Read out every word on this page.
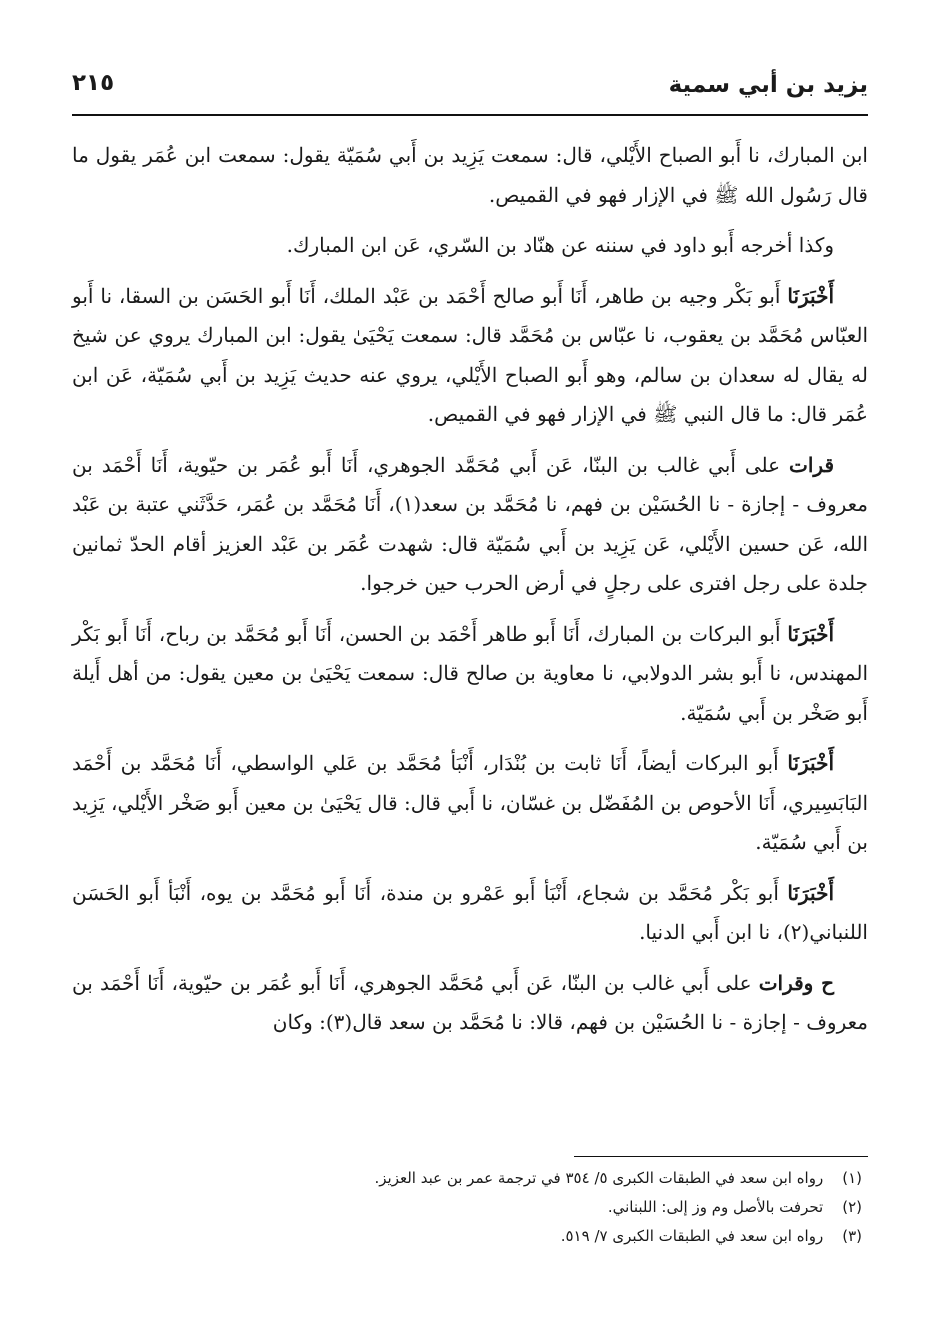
يزيد بن أبي سمية
٢١٥

ابن المبارك، نا أَبو الصباح الأَيْلي، قال: سمعت يَزِيد بن أَبي سُمَيّة يقول: سمعت ابن عُمَر يقول ما قال رَسُول الله ﷺ في الإزار فهو في القميص.

وكذا أخرجه أَبو داود في سننه عن هنّاد بن السّري، عَن ابن المبارك.

أَخْبَرَنَا أَبو بَكْر وجيه بن طاهر، أَنَا أَبو صالح أَحْمَد بن عَبْد الملك، أَنَا أَبو الحَسَن بن السقا، نا أَبو العبّاس مُحَمَّد بن يعقوب، نا عبّاس بن مُحَمَّد قال: سمعت يَحْيَىٰ يقول: ابن المبارك يروي عن شيخ له يقال له سعدان بن سالم، وهو أَبو الصباح الأَيْلي، يروي عنه حديث يَزِيد بن أَبي سُمَيّة، عَن ابن عُمَر قال: ما قال النبي ﷺ في الإزار فهو في القميص.

قرات على أَبي غالب بن البنّا، عَن أَبي مُحَمَّد الجوهري، أَنَا أَبو عُمَر بن حيّوية، أَنَا أَحْمَد بن معروف - إجازة - نا الحُسَيْن بن فهم، نا مُحَمَّد بن سعد(١)، أَنَا مُحَمَّد بن عُمَر، حَدَّثَني عتبة بن عَبْد الله، عَن حسين الأَيْلي، عَن يَزِيد بن أَبي سُمَيّة قال: شهدت عُمَر بن عَبْد العزيز أقام الحدّ ثمانين جلدة على رجل افترى على رجلٍ في أرض الحرب حين خرجوا.

أَخْبَرَنَا أَبو البركات بن المبارك، أَنَا أَبو طاهر أَحْمَد بن الحسن، أَنَا أَبو مُحَمَّد بن رباح، أَنَا أَبو بَكْر المهندس، نا أَبو بشر الدولابي، نا معاوية بن صالح قال: سمعت يَحْيَىٰ بن معين يقول: من أهل أَيلة أَبو صَخْر بن أَبي سُمَيّة.

أَخْبَرَنَا أَبو البركات أيضاً، أَنَا ثابت بن بُنْدَار، أَنْبَأ مُحَمَّد بن عَلي الواسطي، أَنَا مُحَمَّد بن أَحْمَد البَابَسِيري، أَنَا الأحوص بن المُفَضّل بن غسّان، نا أَبي قال: قال يَحْيَىٰ بن معين أَبو صَخْر الأَيْلي، يَزِيد بن أَبي سُمَيّة.

أَخْبَرَنَا أَبو بَكْر مُحَمَّد بن شجاع، أَنْبَأ أَبو عَمْرو بن مندة، أَنَا أَبو مُحَمَّد بن يوه، أَنْبَأ أَبو الحَسَن اللنباني(٢)، نا ابن أَبي الدنيا.

ح وقرات على أَبي غالب بن البنّا، عَن أَبي مُحَمَّد الجوهري، أَنَا أَبو عُمَر بن حيّوية، أَنَا أَحْمَد بن معروف - إجازة - نا الحُسَيْن بن فهم، قالا: نا مُحَمَّد بن سعد قال(٣): وكان

(١) رواه ابن سعد في الطبقات الكبرى ٥/ ٣٥٤ في ترجمة عمر بن عبد العزيز.

(٢) تحرفت بالأصل وم وز إلى: اللبناني.

(٣) رواه ابن سعد في الطبقات الكبرى ٧/ ٥١٩.
